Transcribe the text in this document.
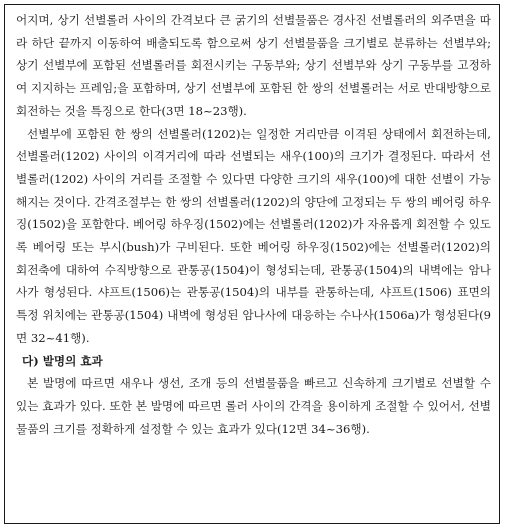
어지며, 상기 선별롤러 사이의 간격보다 큰 굵기의 선별물품은 경사진 선별롤러의 외주면을 따라 하단 끝까지 이동하여 배출되도록 함으로써 상기 선별물품을 크기별로 분류하는 선별부와; 상기 선별부에 포함된 선별롤러를 회전시키는 구동부와; 상기 선별부와 상기 구동부를 고정하여 지지하는 프레임;을 포함하며, 상기 선별부에 포함된 한 쌍의 선별롤러는 서로 반대방향으로 회전하는 것을 특징으로 한다(3면 18~23행).

선별부에 포함된 한 쌍의 선별롤러(1202)는 일정한 거리만큼 이격된 상태에서 회전하는데, 선별롤러(1202) 사이의 이격거리에 따라 선별되는 새우(100)의 크기가 결정된다. 따라서 선별롤러(1202) 사이의 거리를 조절할 수 있다면 다양한 크기의 새우(100)에 대한 선별이 가능해지는 것이다. 간격조절부는 한 쌍의 선별롤러(1202)의 양단에 고정되는 두 쌍의 베어링 하우징(1502)을 포함한다. 베어링 하우징(1502)에는 선별롤러(1202)가 자유롭게 회전할 수 있도록 베어링 또는 부시(bush)가 구비된다. 또한 베어링 하우징(1502)에는 선별롤러(1202)의 회전축에 대하여 수직방향으로 관통공(1504)이 형성되는데, 관통공(1504)의 내벽에는 암나사가 형성된다. 샤프트(1506)는 관통공(1504)의 내부를 관통하는데, 샤프트(1506) 표면의 특정 위치에는 관통공(1504) 내벽에 형성된 암나사에 대응하는 수나사(1506a)가 형성된다(9면 32~41행).

다) 발명의 효과

본 발명에 따르면 새우나 생선, 조개 등의 선별물품을 빠르고 신속하게 크기별로 선별할 수 있는 효과가 있다. 또한 본 발명에 따르면 롤러 사이의 간격을 용이하게 조절할 수 있어서, 선별물품의 크기를 정확하게 설정할 수 있는 효과가 있다(12면 34~36행).
